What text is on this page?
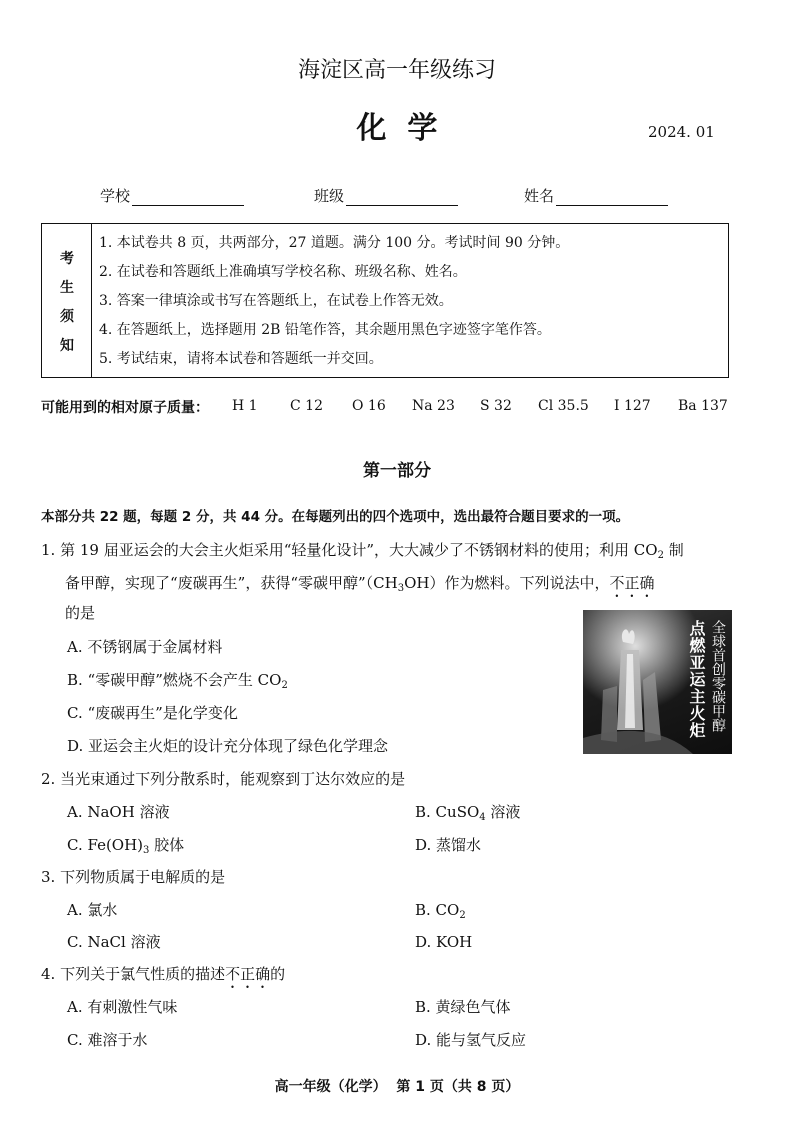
海淀区高一年级练习
化  学	2024. 01
学校	班级	姓名
考
生
须
知
1. 本试卷共 8 页，共两部分，27 道题。满分 100 分。考试时间 90 分钟。
2. 在试卷和答题纸上准确填写学校名称、班级名称、姓名。
3. 答案一律填涂或书写在答题纸上，在试卷上作答无效。
4. 在答题纸上，选择题用 2B 铅笔作答，其余题用黑色字迹签字笔作答。
5. 考试结束，请将本试卷和答题纸一并交回。
可能用到的相对原子质量： H 1 C 12 O 16 Na 23 S 32 Cl 35.5 I 127 Ba 137
第一部分
本部分共 22 题，每题 2 分，共 44 分。在每题列出的四个选项中，选出最符合题目要求的一项。
1. 第 19 届亚运会的大会主火炬采用“轻量化设计”，大大减少了不锈钢材料的使用；利用 $CO_2$ 制
备甲醇，实现了“废碳再生”，获得“零碳甲醇$”(CH_3OH)$作为燃料。下列说法中，不正确
的是
A. 不锈钢属于金属材料
B. “零碳甲醇”燃烧不会产生 $CO_2$
C. “废碳再生”是化学变化
D. 亚运会主火炬的设计充分体现了绿色化学理念
点燃亚运主火炬 全球首创零碳甲醇
2. 当光束通过下列分散系时，能观察到丁达尔效应的是
A. NaOH 溶液	B. CuSO$_4$ 溶液
C. $Fe(OH)_3$ 胶体	D. 蒸馏水
3. 下列物质属于电解质的是
A. 氯水	B. $CO_2$
C. NaCl 溶液	D. KOH
4. 下列关于氯气性质的描述不正确的
A. 有刺激性气味	B. 黄绿色气体
C. 难溶于水	D. 能与氢气反应
高一年级（化学）  第 1 页（共 8 页）
